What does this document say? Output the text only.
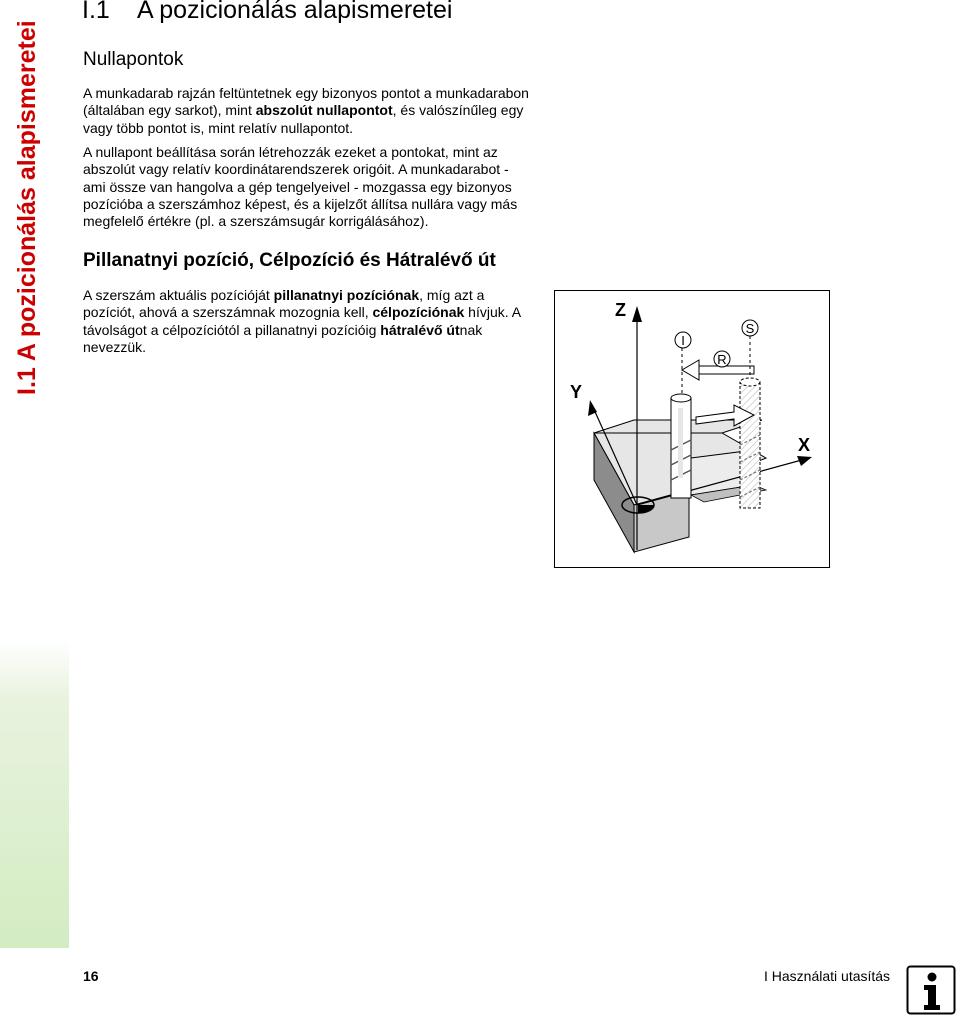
I.1 A pozicionálás alapismeretei
I.1 A pozicionálás alapismeretei
Nullapontok

A munkadarab rajzán feltüntetnek egy bizonyos pontot a munkadarabon (általában egy sarkot), mint abszolút nullapontot, és valószínűleg egy vagy több pontot is, mint relatív nullapontot.

A nullapont beállítása során létrehozzák ezeket a pontokat, mint az abszolút vagy relatív koordinátarendszerek origóit. A munkadarabot - ami össze van hangolva a gép tengelyeivel - mozgassa egy bizonyos pozícióba a szerszámhoz képest, és a kijelzőt állítsa nullára vagy más megfelelő értékre (pl. a szerszámsugár korrigálásához).

Pillanatnyi pozíció, Célpozíció és Hátralévő út

A szerszám aktuális pozícióját pillanatnyi pozíciónak, míg azt a pozíciót, ahová a szerszámnak mozognia kell, célpozíciónak hívjuk. A távolságot a célpozíciótól a pillanatnyi pozícióig hátralévő útnak nevezzük.	I
R
S
Z
Y
X
16	I Használati utasítás
